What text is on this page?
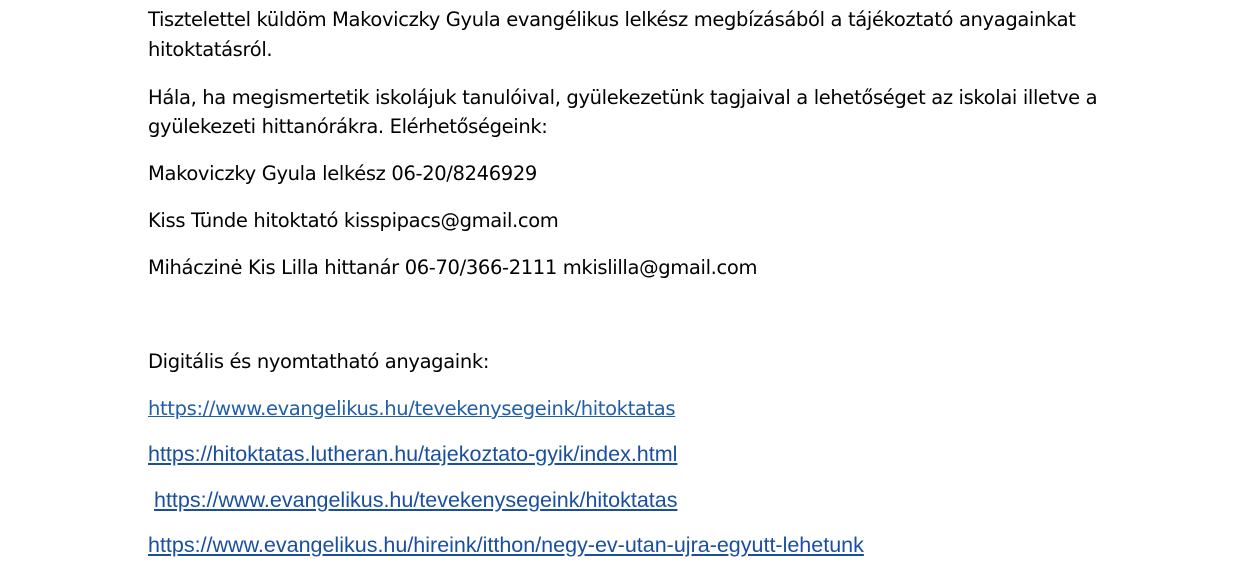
Tisztelettel küldöm Makoviczky Gyula evangélikus lelkész megbízásából a tájékoztató anyagainkat
hitoktatásról.
Hála, ha megismertetik iskolájuk tanulóival, gyülekezetünk tagjaival a lehetőséget az iskolai illetve a
gyülekezeti hittanórákra. Elérhetőségeink:
Makoviczky Gyula lelkész 06-20/8246929
Kiss Tünde hitoktató kisspipacs@gmail.com
Miháczinė Kis Lilla hittanár 06-70/366-2111 mkislilla@gmail.com
Digitális és nyomtatható anyagaink:
https://www.evangelikus.hu/tevekenysegeink/hitoktatas
https://hitoktatas.lutheran.hu/tajekoztato-gyik/index.html
https://www.evangelikus.hu/tevekenysegeink/hitoktatas
https://www.evangelikus.hu/hireink/itthon/negy-ev-utan-ujra-egyutt-lehetunk
